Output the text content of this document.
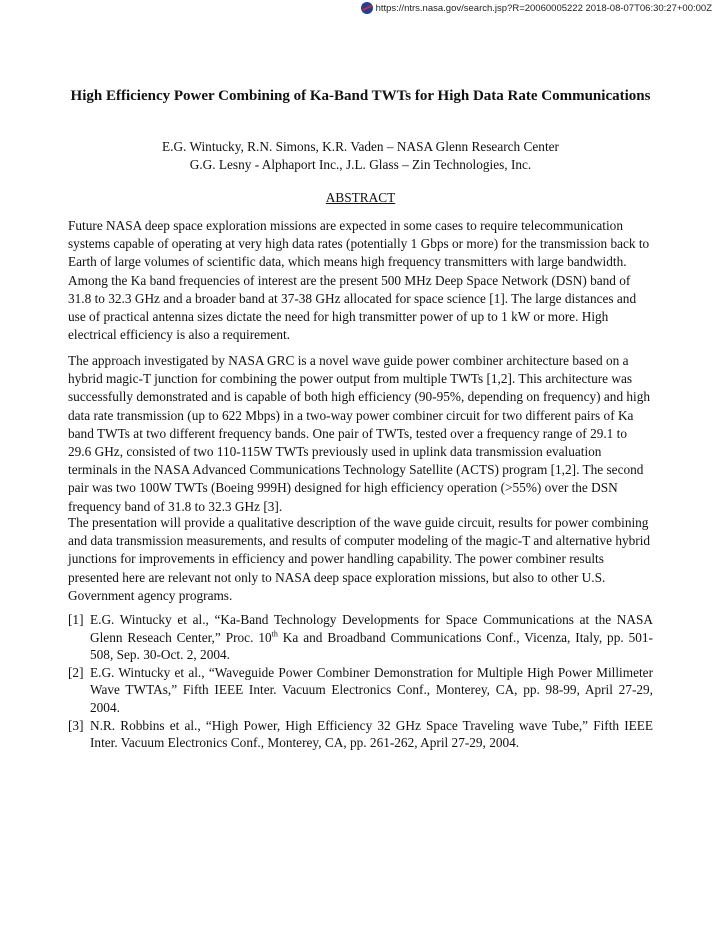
https://ntrs.nasa.gov/search.jsp?R=20060005222 2018-08-07T06:30:27+00:00Z
High Efficiency Power Combining of Ka-Band TWTs for High Data Rate Communications
E.G. Wintucky, R.N. Simons, K.R. Vaden – NASA Glenn Research Center
G.G. Lesny - Alphaport Inc., J.L. Glass – Zin Technologies, Inc.
ABSTRACT

Future NASA deep space exploration missions are expected in some cases to require telecommunication systems capable of operating at very high data rates (potentially 1 Gbps or more) for the transmission back to Earth of large volumes of scientific data, which means high frequency transmitters with large bandwidth. Among the Ka band frequencies of interest are the present 500 MHz Deep Space Network (DSN) band of 31.8 to 32.3 GHz and a broader band at 37-38 GHz allocated for space science [1]. The large distances and use of practical antenna sizes dictate the need for high transmitter power of up to 1 kW or more. High electrical efficiency is also a requirement.

The approach investigated by NASA GRC is a novel wave guide power combiner architecture based on a hybrid magic-T junction for combining the power output from multiple TWTs [1,2]. This architecture was successfully demonstrated and is capable of both high efficiency (90-95%, depending on frequency) and high data rate transmission (up to 622 Mbps) in a two-way power combiner circuit for two different pairs of Ka band TWTs at two different frequency bands. One pair of TWTs, tested over a frequency range of 29.1 to 29.6 GHz, consisted of two 110-115W TWTs previously used in uplink data transmission evaluation terminals in the NASA Advanced Communications Technology Satellite (ACTS) program [1,2]. The second pair was two 100W TWTs (Boeing 999H) designed for high efficiency operation (>55%) over the DSN frequency band of 31.8 to 32.3 GHz [3].

The presentation will provide a qualitative description of the wave guide circuit, results for power combining and data transmission measurements, and results of computer modeling of the magic-T and alternative hybrid junctions for improvements in efficiency and power handling capability. The power combiner results presented here are relevant not only to NASA deep space exploration missions, but also to other U.S. Government agency programs.

[1] E.G. Wintucky et al., “Ka-Band Technology Developments for Space Communications at the NASA Glenn Reseach Center,” Proc. 10th Ka and Broadband Communications Conf., Vicenza, Italy, pp. 501-508, Sep. 30-Oct. 2, 2004.
[2] E.G. Wintucky et al., “Waveguide Power Combiner Demonstration for Multiple High Power Millimeter Wave TWTAs,” Fifth IEEE Inter. Vacuum Electronics Conf., Monterey, CA, pp. 98-99, April 27-29, 2004.
[3] N.R. Robbins et al., “High Power, High Efficiency 32 GHz Space Traveling wave Tube,” Fifth IEEE Inter. Vacuum Electronics Conf., Monterey, CA, pp. 261-262, April 27-29, 2004.
